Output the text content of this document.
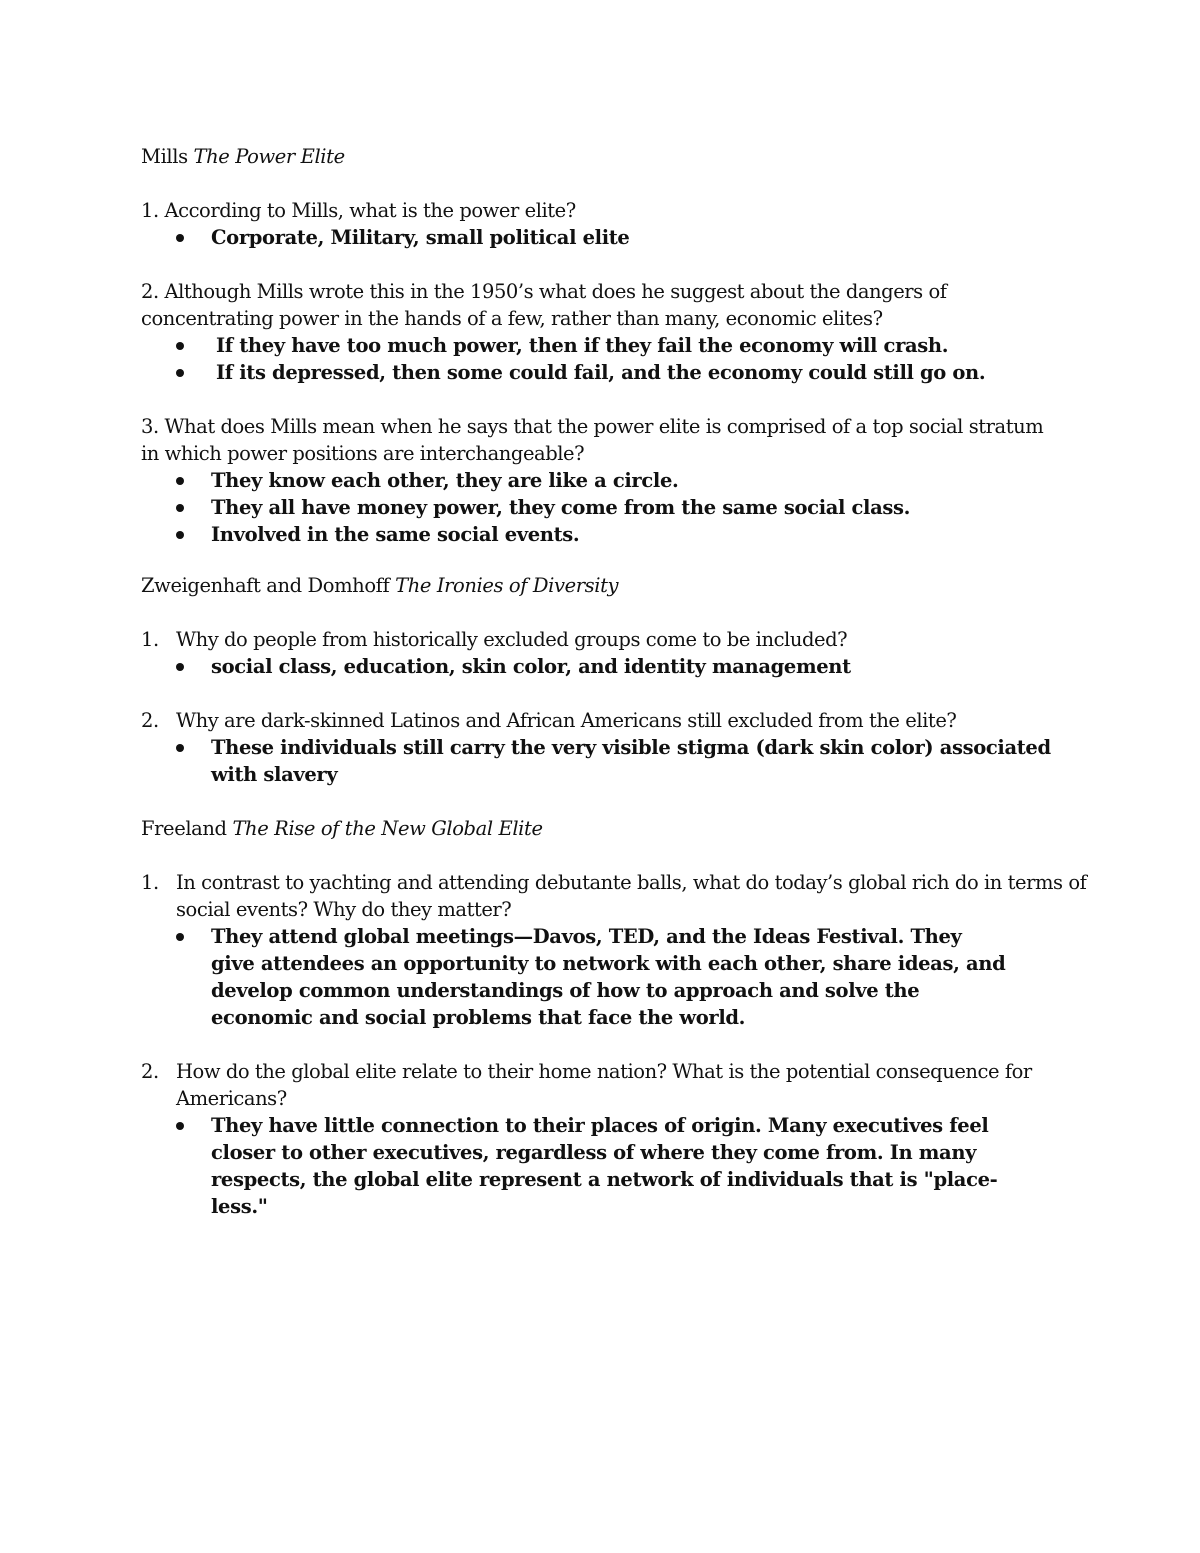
Mills The Power Elite

1. According to Mills, what is the power elite?

Corporate, Military, small political elite

2. Although Mills wrote this in the 1950’s what does he suggest about the dangers of concentrating power in the hands of a few, rather than many, economic elites?

If they have too much power, then if they fail the economy will crash.
If its depressed, then some could fail, and the economy could still go on.

3. What does Mills mean when he says that the power elite is comprised of a top social stratum in which power positions are interchangeable?

They know each other, they are like a circle.
They all have money power, they come from the same social class.
Involved in the same social events.
Zweigenhaft and Domhoff The Ironies of Diversity

1. Why do people from historically excluded groups come to be included?

social class, education, skin color, and identity management

2. Why are dark-skinned Latinos and African Americans still excluded from the elite?

These individuals still carry the very visible stigma (dark skin color) associated with slavery
Freeland The Rise of the New Global Elite

1. In contrast to yachting and attending debutante balls, what do today’s global rich do in terms of social events? Why do they matter?

They attend global meetings—Davos, TED, and the Ideas Festival. They give attendees an opportunity to network with each other, share ideas, and develop common understandings of how to approach and solve the economic and social problems that face the world.

2. How do the global elite relate to their home nation? What is the potential consequence for Americans?

They have little connection to their places of origin. Many executives feel closer to other executives, regardless of where they come from. In many respects, the global elite represent a network of individuals that is "place-less."
